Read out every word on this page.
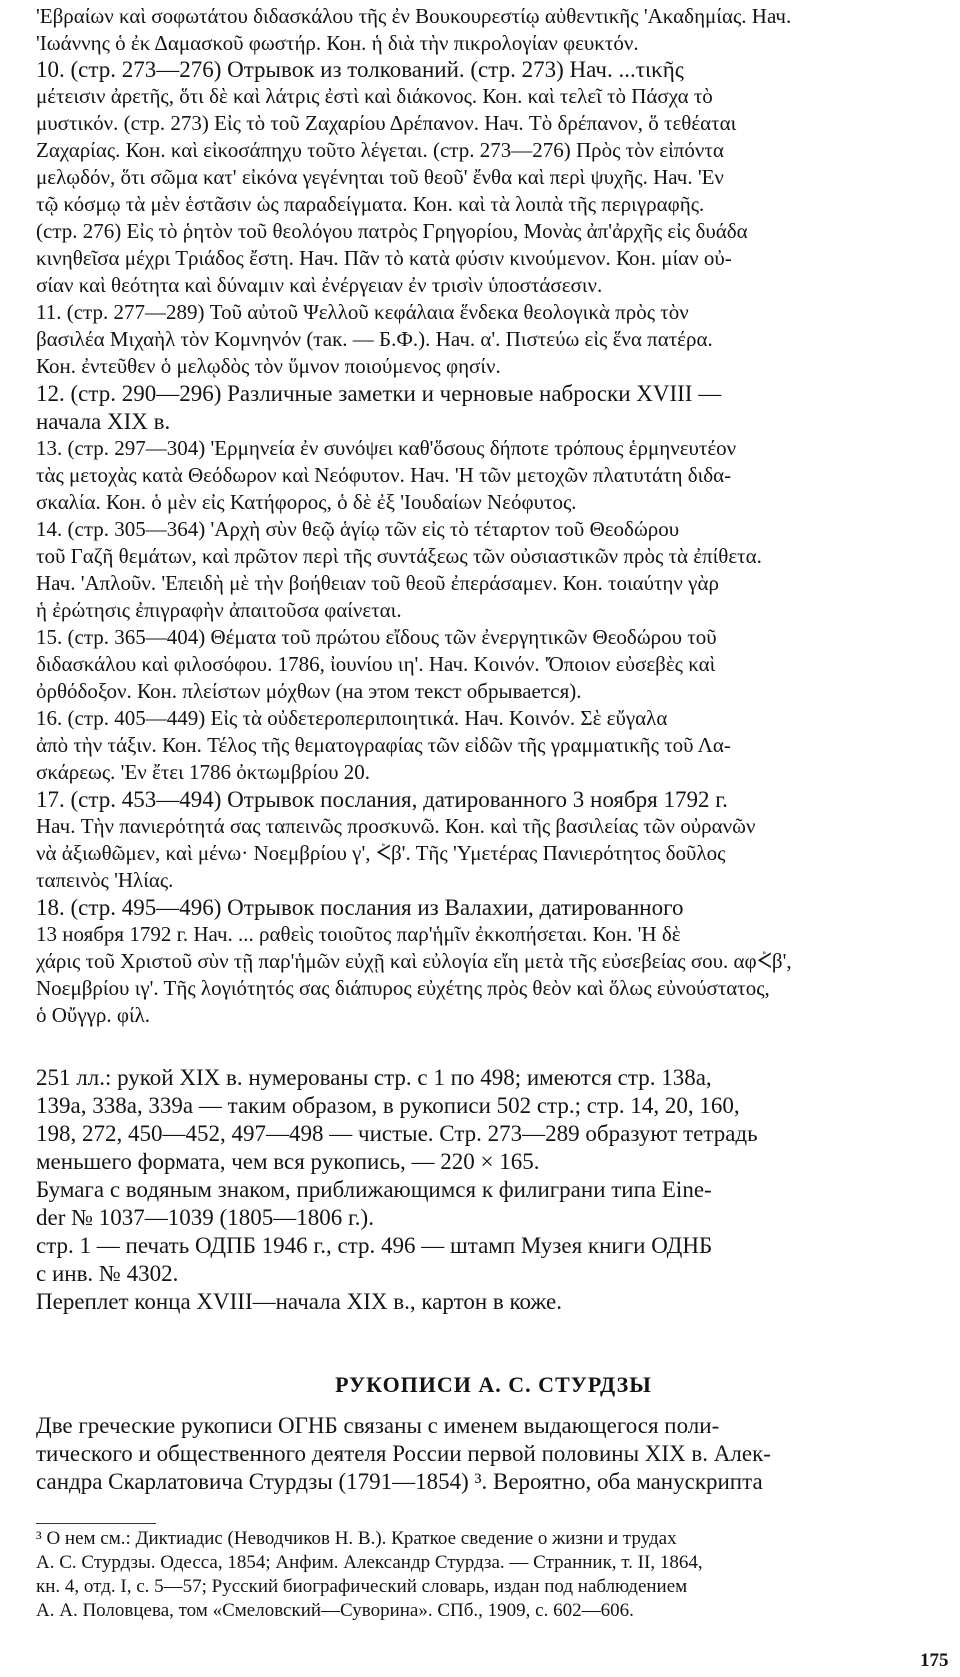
'Εβραίων καὶ σοφωτάτου διδασκάλου τῆς ἐν Βουκουρεστίῳ αὐθεντικῆς 'Ακαδημίας. Нач.

'Ιωάννης ὁ ἐκ Δαμασκοῦ φωστήρ. Кон. ἡ διὰ τὴν πικρολογίαν φευκτόν.

10. (стр. 273—276) Отрывок из толкований. (стр. 273) Нач. ...τικῆς

μέτεισιν ἀρετῆς, ὅτι δὲ καὶ λάτρις ἐστὶ καὶ διάκονος. Кон. καὶ τελεῖ τὸ Πάσχα τὸ

μυστικόν. (стр. 273) Εἰς τὸ τοῦ Ζαχαρίου Δρέπανον. Нач. Τὸ δρέπανον, ὅ τεθέαται

Ζαχαρίας. Кон. καὶ εἰκοσάπηχυ τοῦτο λέγεται. (стр. 273—276) Πρὸς τὸν εἰπόντα

μελῳδόν, ὅτι σῶμα κατ' εἰκόνα γεγένηται τοῦ θεοῦ' ἔνθα καὶ περὶ ψυχῆς. Нач. 'Εν

τῷ κόσμῳ τὰ μὲν ἑστᾶσιν ὡς παραδείγματα. Кон. καὶ τὰ λοιπὰ τῆς περιγραφῆς.

(стр. 276) Εἰς τὸ ῥητὸν τοῦ θεολόγου πατρὸς Γρηγορίου, Μονὰς ἀπ'ἀρχῆς εἰς δυάδα

κινηθεῖσα μέχρι Τριάδος ἔστη. Нач. Πᾶν τὸ κατὰ φύσιν κινούμενον. Кон. μίαν οὐ-

σίαν καὶ θεότητα καὶ δύναμιν καὶ ἐνέργειαν ἐν τρισὶν ὑποστάσεσιν.

11. (стр. 277—289) Τοῦ αὐτοῦ Ψελλοῦ κεφάλαια ἕνδεκα θεολογικὰ πρὸς τὸν

βασιλέα Μιχαὴλ τὸν Κομνηνόν (так. — Б.Ф.). Нач. α'. Πιστεύω εἰς ἕνα πατέρα.

Кон. ἐντεῦθεν ὁ μελῳδὸς τὸν ὕμνον ποιούμενος φησίν.

12. (стр. 290—296) Различные заметки и черновые наброски XVIII —

начала XIX в.

13. (стр. 297—304) 'Ερμηνεία ἐν συνόψει καθ'ὅσους δήποτε τρόπους ἑρμηνευτέον

τὰς μετοχὰς κατὰ Θεόδωρον καὶ Νεόφυτον. Нач. 'Η τῶν μετοχῶν πλατυτάτη διδα-

σκαλία. Кон. ὁ μὲν εἰς Κατήφορος, ὁ δὲ ἐξ 'Ιουδαίων Νεόφυτος.

14. (стр. 305—364) 'Αρχὴ σὺν θεῷ ἁγίῳ τῶν εἰς τὸ τέταρτον τοῦ Θεοδώρου

τοῦ Γαζῆ θεμάτων, καὶ πρῶτον περὶ τῆς συντάξεως τῶν οὐσιαστικῶν πρὸς τὰ ἐπίθετα.

Нач. 'Απλοῦν. 'Επειδὴ μὲ τὴν βοήθειαν τοῦ θεοῦ ἐπεράσαμεν. Кон. τοιαύτην γὰρ

ἡ ἐρώτησις ἐπιγραφὴν ἀπαιτοῦσα φαίνεται.

15. (стр. 365—404) Θέματα τοῦ πρώτου εἴδους τῶν ἐνεργητικῶν Θεοδώρου τοῦ

διδασκάλου καὶ φιλοσόφου. 1786, ἰουνίου ιη'. Нач. Κοινόν. 'Όποιον εὐσεβὲς καὶ

ὀρθόδοξον. Кон. πλείστων μόχθων (на этом текст обрывается).

16. (стр. 405—449) Εἰς τὰ οὐδετεροπεριποιητικά. Нач. Κοινόν. Σὲ εὔγαλα

ἀπὸ τὴν τάξιν. Кон. Τέλος τῆς θεματογραφίας τῶν εἰδῶν τῆς γραμματικῆς τοῦ Λα-

σκάρεως. 'Εν ἔτει 1786 ὀκτωμβρίου 20.

17. (стр. 453—494) Отрывок послания, датированного 3 ноября 1792 г.

Нач. Τὴν πανιερότητά σας ταπεινῶς προσκυνῶ. Кон. καὶ τῆς βασιλείας τῶν οὐρανῶν

νὰ ἀξιωθῶμεν, καὶ μένω· Νοεμβρίου γ', ᢵβ'. Τῆς 'Υμετέρας Πανιερότητος δοῦλος

ταπεινὸς 'Ηλίας.

18. (стр. 495—496) Отрывок послания из Валахии, датированного

13 ноября 1792 г. Нач. ... ραθεὶς τοιοῦτος παρ'ἡμῖν ἐκκοπήσεται. Кон. 'Η δὲ

χάρις τοῦ Χριστοῦ σὺν τῇ παρ'ἡμῶν εὐχῇ καὶ εὐλογία εἴη μετὰ τῆς εὐσεβείας σου. αφᢵβ',

Νοεμβρίου ιγ'. Τῆς λογιότητός σας διάπυρος εὐχέτης πρὸς θεὸν καὶ ὅλως εὐνούστατος,

ὁ Οὔγγρ. φίλ.

251 лл.: рукой XIX в. нумерованы стр. с 1 по 498; имеются стр. 138а,

139а, 338а, 339а — таким образом, в рукописи 502 стр.; стр. 14, 20, 160,

198, 272, 450—452, 497—498 — чистые. Стр. 273—289 образуют тетрадь

меньшего формата, чем вся рукопись, — 220 × 165.

Бумага с водяным знаком, приближающимся к филиграни типа Eine-

der № 1037—1039 (1805—1806 г.).

стр. 1 — печать ОДПБ 1946 г., стр. 496 — штамп Музея книги ОДНБ

с инв. № 4302.

Переплет конца XVIII—начала XIX в., картон в коже.

РУКОПИСИ А. С. СТУРДЗЫ

Две греческие рукописи ОГНБ связаны с именем выдающегося поли-

тического и общественного деятеля России первой половины XIX в. Алек-

сандра Скарлатовича Стурдзы (1791—1854) ³. Вероятно, оба манускрипта

³ О нем см.: Диктиадис (Неводчиков Н. В.). Краткое сведение о жизни и трудах

А. С. Стурдзы. Одесса, 1854; Анфим. Александр Стурдза. — Странник, т. II, 1864,

кн. 4, отд. I, с. 5—57; Русский биографический словарь, издан под наблюдением

А. А. Половцева, том «Смеловский—Суворина». СПб., 1909, с. 602—606.

175
